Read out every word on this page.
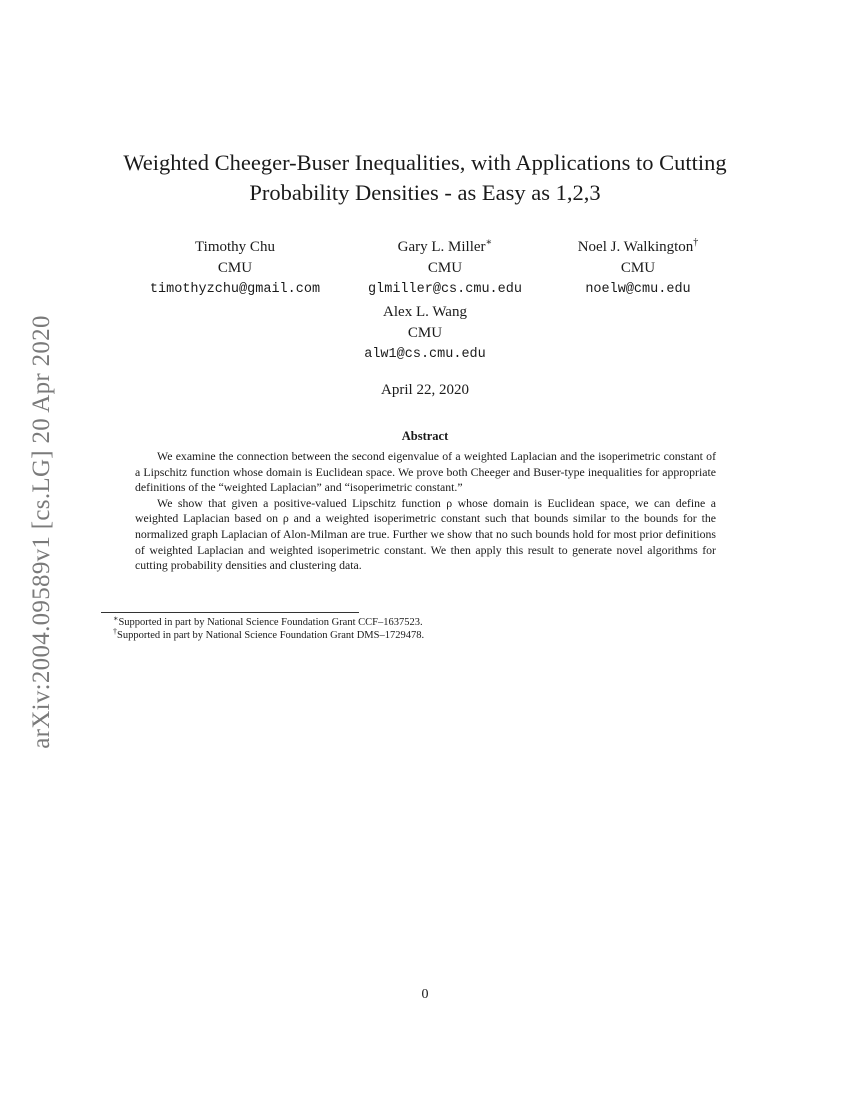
arXiv:2004.09589v1 [cs.LG] 20 Apr 2020
Weighted Cheeger-Buser Inequalities, with Applications to Cutting Probability Densities - as Easy as 1,2,3
Timothy Chu
CMU
timothyzchu@gmail.com
Gary L. Miller∗
CMU
glmiller@cs.cmu.edu
Noel J. Walkington†
CMU
noelw@cmu.edu
Alex L. Wang
CMU
alw1@cs.cmu.edu
April 22, 2020
Abstract

We examine the connection between the second eigenvalue of a weighted Laplacian and the isoperimetric constant of a Lipschitz function whose domain is Euclidean space. We prove both Cheeger and Buser-type inequalities for appropriate definitions of the “weighted Laplacian” and “isoperimetric constant.”

We show that given a positive-valued Lipschitz function ρ whose domain is Euclidean space, we can define a weighted Laplacian based on ρ and a weighted isoperimetric constant such that bounds similar to the bounds for the normalized graph Laplacian of Alon-Milman are true. Further we show that no such bounds hold for most prior definitions of weighted Laplacian and weighted isoperimetric constant. We then apply this result to generate novel algorithms for cutting probability densities and clustering data.

∗Supported in part by National Science Foundation Grant CCF–1637523.
†Supported in part by National Science Foundation Grant DMS–1729478.
0
